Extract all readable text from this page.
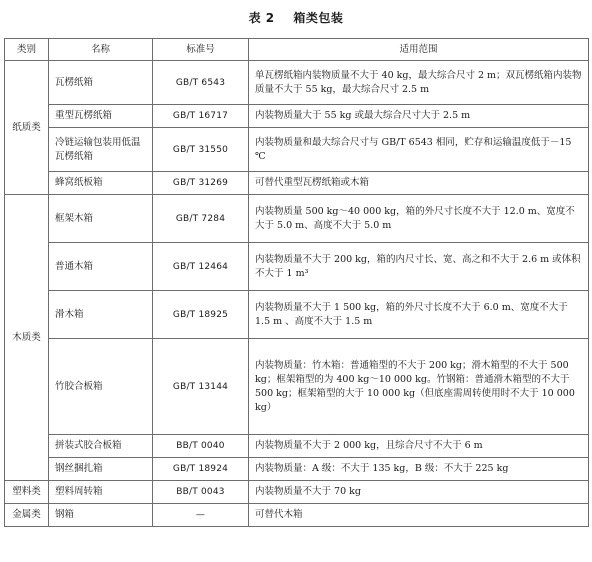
表 2    箱类包装
类别	名称	标准号	适用范围
纸质类	瓦楞纸箱	GB/T 6543	单瓦楞纸箱内装物质量不大于 40 kg，最大综合尺寸 2 m；双瓦楞纸箱内装物质量不大于 55 kg，最大综合尺寸 2.5 m
	重型瓦楞纸箱	GB/T 16717	内装物质量大于 55 kg 或最大综合尺寸大于 2.5 m
	冷链运输包装用低温瓦楞纸箱	GB/T 31550	内装物质量和最大综合尺寸与 GB/T 6543 相同，贮存和运输温度低于－15 ℃
	蜂窝纸板箱	GB/T 31269	可替代重型瓦楞纸箱或木箱
木质类	框架木箱	GB/T 7284	内装物质量 500 kg～40 000 kg，箱的外尺寸长度不大于 12.0 m、宽度不大于 5.0 m、高度不大于 5.0 m
	普通木箱	GB/T 12464	内装物质量不大于 200 kg，箱的内尺寸长、宽、高之和不大于 2.6 m 或体积不大于 1 m³
	滑木箱	GB/T 18925	内装物质量不大于 1 500 kg，箱的外尺寸长度不大于 6.0 m、宽度不大于 1.5 m 、高度不大于 1.5 m
	竹胶合板箱	GB/T 13144	内装物质量：竹木箱：普通箱型的不大于 200 kg；滑木箱型的不大于 500 kg；框架箱型的为 400 kg～10 000 kg。竹钢箱：普通滑木箱型的不大于 500 kg；框架箱型的大于 10 000 kg（但底座需周转使用时不大于 10 000 kg）
	拼装式胶合板箱	BB/T 0040	内装物质量不大于 2 000 kg，且综合尺寸不大于 6 m
	钢丝捆扎箱	GB/T 18924	内装物质量：A 级：不大于 135 kg，B 级：不大于 225 kg
塑料类	塑料周转箱	BB/T 0043	内装物质量不大于 70 kg
金属类	钢箱	—	可替代木箱
